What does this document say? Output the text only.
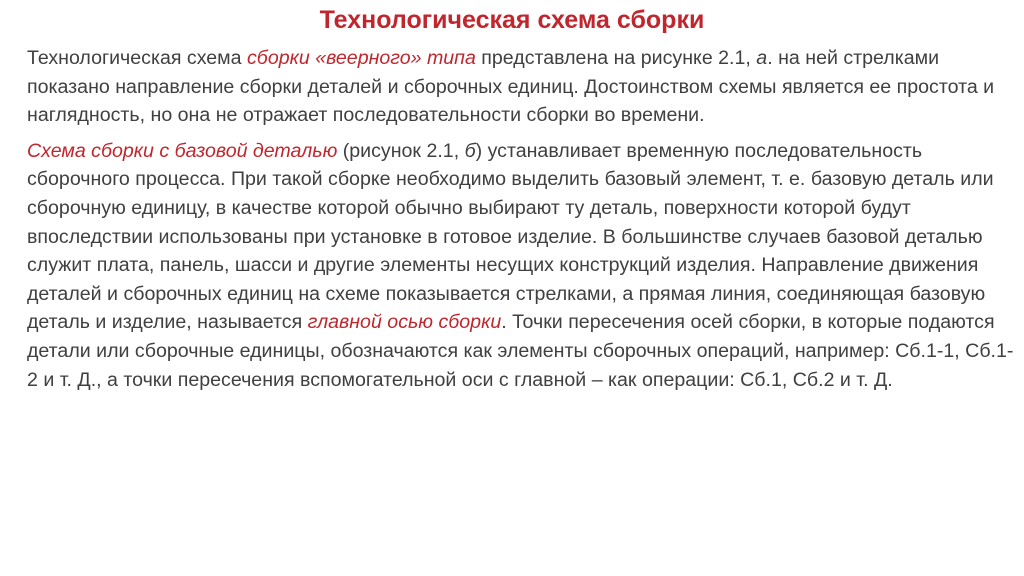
Технологическая схема сборки

Технологическая схема сборки «веерного» типа представлена на рисунке 2.1, а. на ней стрелками показано направление сборки деталей и сборочных единиц. Достоинством схемы является ее простота и наглядность, но она не отражает последовательности сборки во времени.

Схема сборки с базовой деталью (рисунок 2.1, б) устанавливает временную последовательность сборочного процесса. При такой сборке необходимо выделить базовый элемент, т. е. базовую деталь или сборочную единицу, в качестве которой обычно выбирают ту деталь, поверхности которой будут впоследствии использованы при установке в готовое изделие. В большинстве случаев базовой деталью служит плата, панель, шасси и другие элементы несущих конструкций изделия. Направление движения деталей и сборочных единиц на схеме показывается стрелками, а прямая линия, соединяющая базовую деталь и изделие, называется главной осью сборки. Точки пересечения осей сборки, в которые подаются детали или сборочные единицы, обозначаются как элементы сборочных операций, например: Сб.1-1, Сб.1-2 и т. Д., а точки пересечения вспомогательной оси с главной – как операции: Сб.1, Сб.2 и т. Д.
